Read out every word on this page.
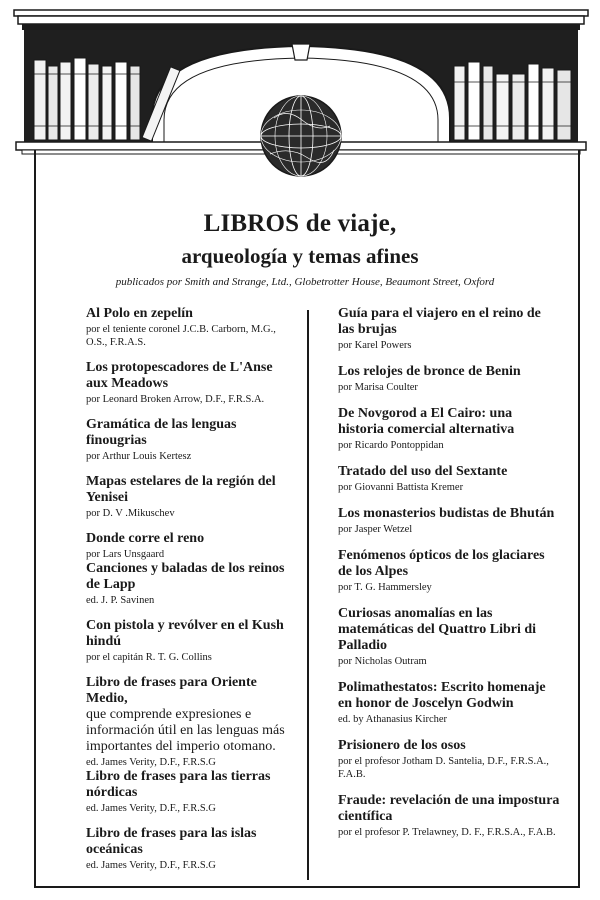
LIBROS de viaje,
arqueología y temas afines
publicados por Smith and Strange, Ltd., Globetrotter House, Beaumont Street, Oxford
Al Polo en zepelín
por el teniente coronel J.C.B. Carborn, M.G., O.S., F.R.A.S.
Los protopescadores de L'Anse aux Meadows
por Leonard Broken Arrow, D.F., F.R.S.A.
Gramática de las lenguas finougrias
por Arthur Louis Kertesz
Mapas estelares de la región del Yenisei
por D. V .Mikuschev
Donde corre el reno
por Lars Unsgaard
Canciones y baladas de los reinos de Lapp
ed. J. P. Savinen
Con pistola y revólver en el Kush hindú
por el capitán R. T. G. Collins
Libro de frases para Oriente Medio,
que comprende expresiones e información útil en las lenguas más importantes del imperio otomano.
ed. James Verity, D.F., F.R.S.G
Libro de frases para las tierras nórdicas
ed. James Verity, D.F., F.R.S.G
Libro de frases para las islas oceánicas
ed. James Verity, D.F., F.R.S.G
Guía para el viajero en el reino de las brujas
por Karel Powers
Los relojes de bronce de Benin
por Marisa Coulter
De Novgorod a El Cairo: una historia comercial alternativa
por Ricardo Pontoppidan
Tratado del uso del Sextante
por Giovanni Battista Kremer
Los monasterios budistas de Bhután
por Jasper Wetzel
Fenómenos ópticos de los glaciares de los Alpes
por T. G. Hammersley
Curiosas anomalías en las matemáticas del Quattro Libri di Palladio
por Nicholas Outram
Polimathestatos: Escrito homenaje en honor de Joscelyn Godwin
ed. by Athanasius Kircher
Prisionero de los osos
por el profesor Jotham D. Santelia, D.F., F.R.S.A., F.A.B.
Fraude: revelación de una impostura científica
por el profesor P. Trelawney, D. F., F.R.S.A., F.A.B.
